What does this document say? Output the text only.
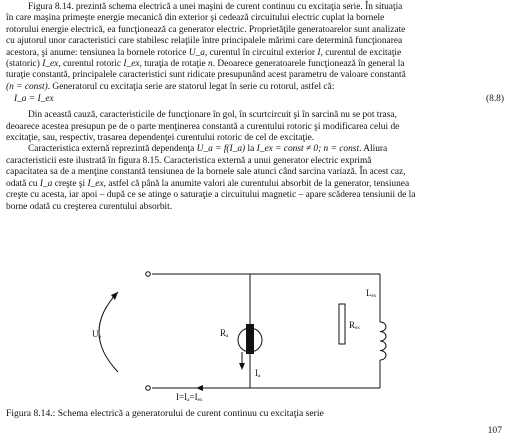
Figura 8.14. prezintă schema electrică a unei maşini de curent continuu cu excitaţia serie. În situaţia

în care maşina primeşte energie mecanică din exterior şi cedează circuitului electric cuplat la bornele

rotorului energie electrică, ea funcţionează ca generator electric. Proprietăţile generatoarelor sunt analizate

cu ajutorul unor caracteristici care stabilesc relaţiile între principalele mărimi care determină funcţionarea

acestora, şi anume: tensiunea la bornele rotorice U_a, curentul în circuitul exterior I, curentul de excitaţie

(statoric) I_ex, curentul rotoric I_ex, turaţia de rotaţie n. Deoarece generatoarele funcţionează în general la

turaţie constantă, principalele caracteristici sunt ridicate presupunând acest parametru de valoare constantă

(n = const). Generatorul cu excitaţia serie are statorul legat în serie cu rotorul, astfel că:

I_a = I_ex	(8.8)

Din această cauză, caracteristicile de funcţionare în gol, în scurtcircuit şi în sarcină nu se pot trasa,

deoarece acestea presupun pe de o parte menţinerea constantă a curentului rotoric şi modificarea celui de

excitaţie, sau, respectiv, trasarea dependenţei curentului rotoric de cel de excitaţie.

Caracteristica externă reprezintă dependenţa U_a = f(I_a) la I_ex = const ≠ 0; n = const. Aliura

caracteristicii este ilustrată în figura 8.15. Caracteristica externă a unui generator electric exprimă

capacitatea sa de a menţine constantă tensiunea de la bornele sale atunci când sarcina variază. În acest caz,

odată cu I_a creşte şi I_ex, astfel că până la anumite valori ale curentului absorbit de la generator, tensiunea

creşte cu acesta, iar apoi – după ce se atinge o saturaţie a circuitului magnetic – apare scăderea tensiunii de la

borne odată cu creşterea curentului absorbit.

Uₐ	Rₐ
Iₐ
Lₑₓ
Rₑₓ
I=Iₐ=Iₑₓ
Figura 8.14.: Schema electrică a generatorului de curent continuu cu excitaţia serie
107
